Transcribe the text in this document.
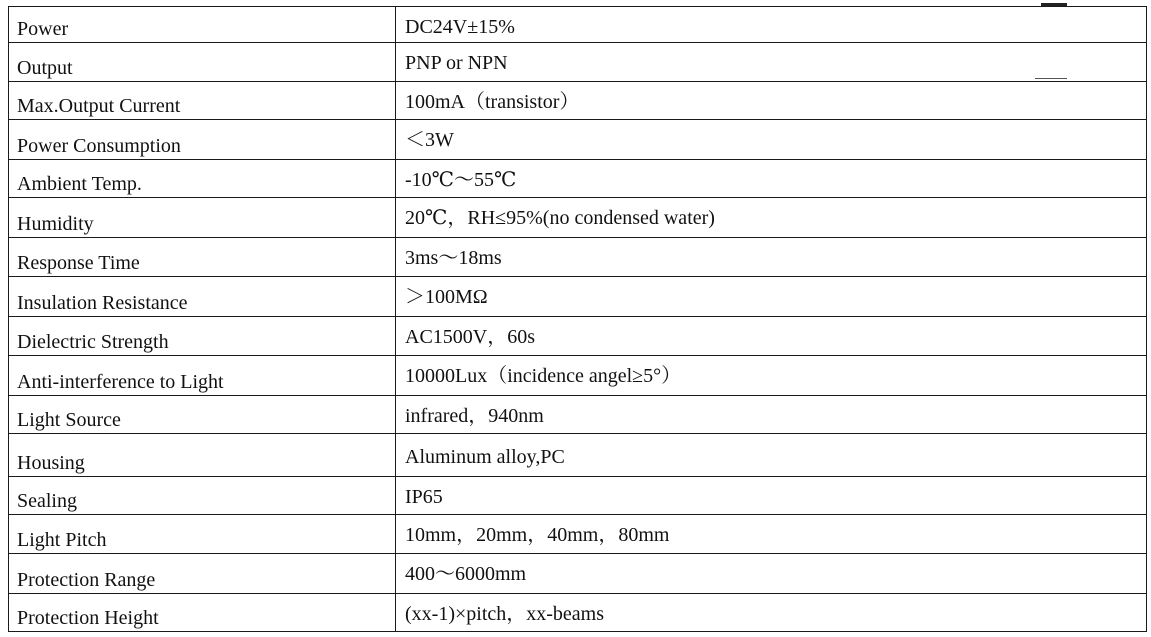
Power	DC24V±15%
Output	PNP or NPN
Max.Output Current	100mA（transistor）
Power Consumption	＜3W
Ambient Temp.	-10℃～55℃
Humidity	20℃，RH≤95%(no condensed water)
Response Time	3ms～18ms
Insulation Resistance	＞100MΩ
Dielectric Strength	AC1500V，60s
Anti-interference to Light	10000Lux（incidence angel≥5°）
Light Source	infrared，940nm
Housing	Aluminum alloy,PC
Sealing	IP65
Light Pitch	10mm，20mm，40mm，80mm
Protection Range	400～6000mm
Protection Height	(xx-1)×pitch，xx-beams
